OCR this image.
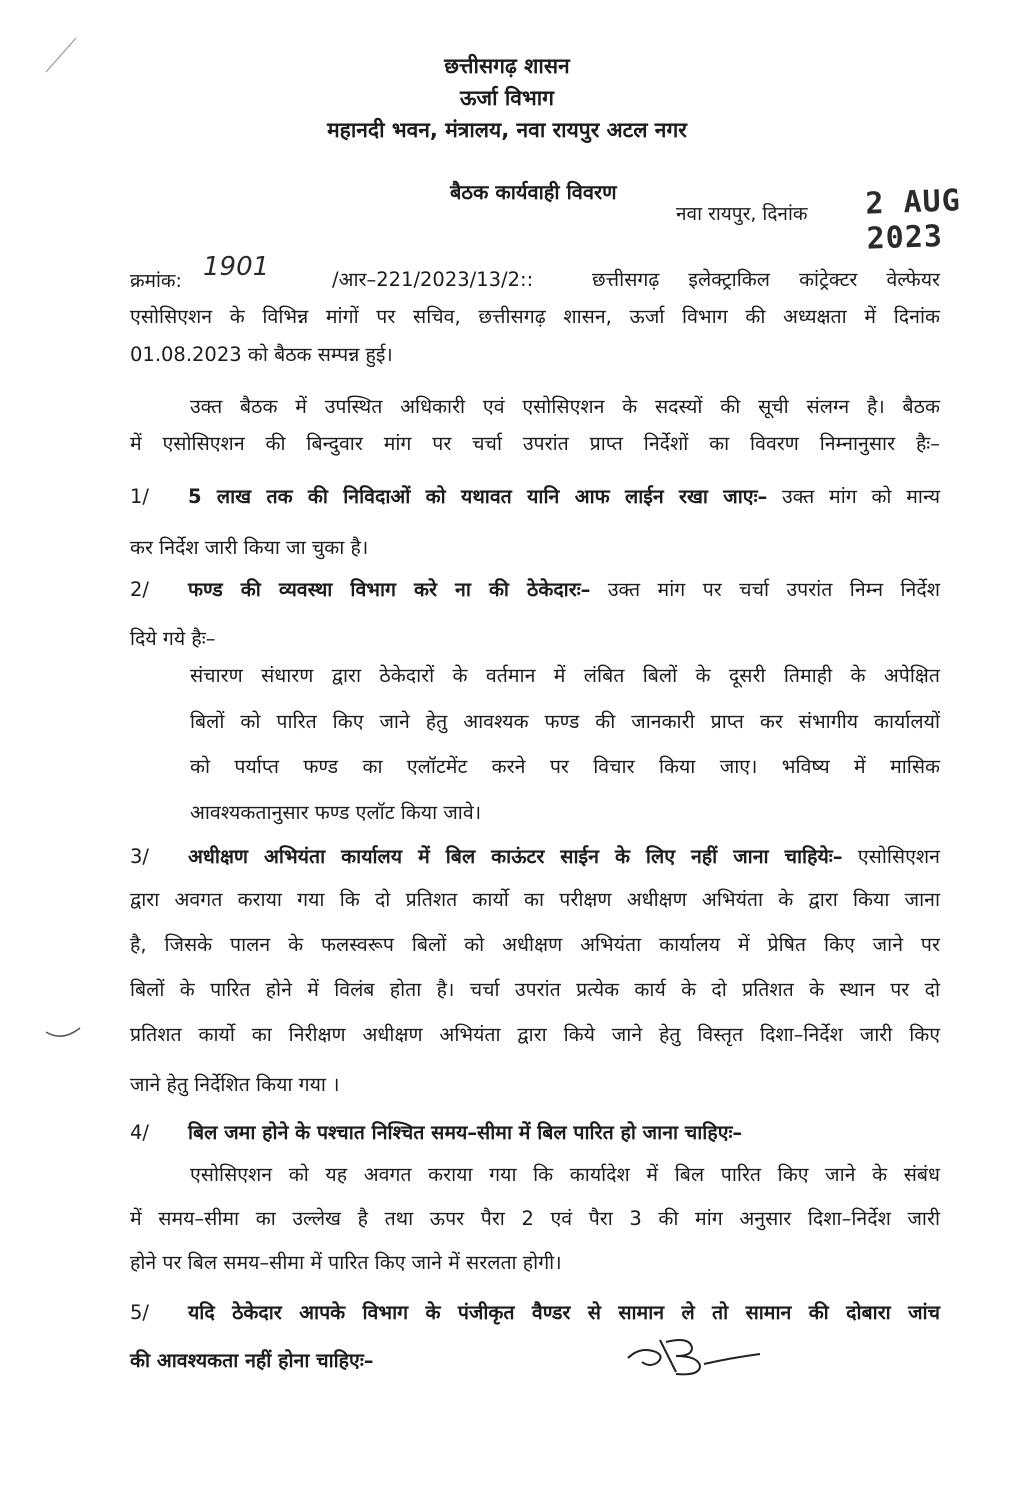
छत्तीसगढ़ शासन
ऊर्जा विभाग
महानदी भवन, मंत्रालय, नवा रायपुर अटल नगर
बैठक कार्यवाही विवरण
नवा रायपुर, दिनांक 2 AUG 2023
क्रमांक: 1901	/आर–221/2023/13/2::	छत्तीसगढ़ इलेक्ट्राकिल कांट्रेक्टर वेल्फेयर
एसोसिएशन के विभिन्न मांगों पर सचिव, छत्तीसगढ़ शासन, ऊर्जा विभाग की अध्यक्षता में दिनांक
01.08.2023 को बैठक सम्पन्न हुई।
उक्त बैठक में उपस्थित अधिकारी एवं एसोसिएशन के सदस्यों की सूची संलग्न है। बैठक
में एसोसिएशन की बिन्दुवार मांग पर चर्चा उपरांत प्राप्त निर्देशों का विवरण निम्नानुसार हैः–
1/ 5 लाख तक की निविदाओं को यथावत यानि आफ लाईन रखा जाएः– उक्त मांग को मान्य
कर निर्देश जारी किया जा चुका है।
2/ फण्ड की व्यवस्था विभाग करे ना की ठेकेदारः– उक्त मांग पर चर्चा उपरांत निम्न निर्देश
दिये गये हैः–
संचारण संधारण द्वारा ठेकेदारों के वर्तमान में लंबित बिलों के दूसरी तिमाही के अपेक्षित
बिलों को पारित किए जाने हेतु आवश्यक फण्ड की जानकारी प्राप्त कर संभागीय कार्यालयों
को पर्याप्त फण्ड का एलॉटमेंट करने पर विचार किया जाए। भविष्य में मासिक
आवश्यकतानुसार फण्ड एलॉट किया जावे।
3/ अधीक्षण अभियंता कार्यालय में बिल काऊंटर साईन के लिए नहीं जाना चाहियेः– एसोसिएशन
द्वारा अवगत कराया गया कि दो प्रतिशत कार्यो का परीक्षण अधीक्षण अभियंता के द्वारा किया जाना
है, जिसके पालन के फलस्वरूप बिलों को अधीक्षण अभियंता कार्यालय में प्रेषित किए जाने पर
बिलों के पारित होने में विलंब होता है। चर्चा उपरांत प्रत्येक कार्य के दो प्रतिशत के स्थान पर दो
प्रतिशत कार्यो का निरीक्षण अधीक्षण अभियंता द्वारा किये जाने हेतु विस्तृत दिशा–निर्देश जारी किए
जाने हेतु निर्देशित किया गया ।
4/ बिल जमा होने के पश्चात निश्चित समय–सीमा में बिल पारित हो जाना चाहिएः–
एसोसिएशन को यह अवगत कराया गया कि कार्यादेश में बिल पारित किए जाने के संबंध
में समय–सीमा का उल्लेख है तथा ऊपर पैरा 2 एवं पैरा 3 की मांग अनुसार दिशा–निर्देश जारी
होने पर बिल समय–सीमा में पारित किए जाने में सरलता होगी।
5/ यदि ठेकेदार आपके विभाग के पंजीकृत वैण्डर से सामान ले तो सामान की दोबारा जांच
की आवश्यकता नहीं होना चाहिएः–
